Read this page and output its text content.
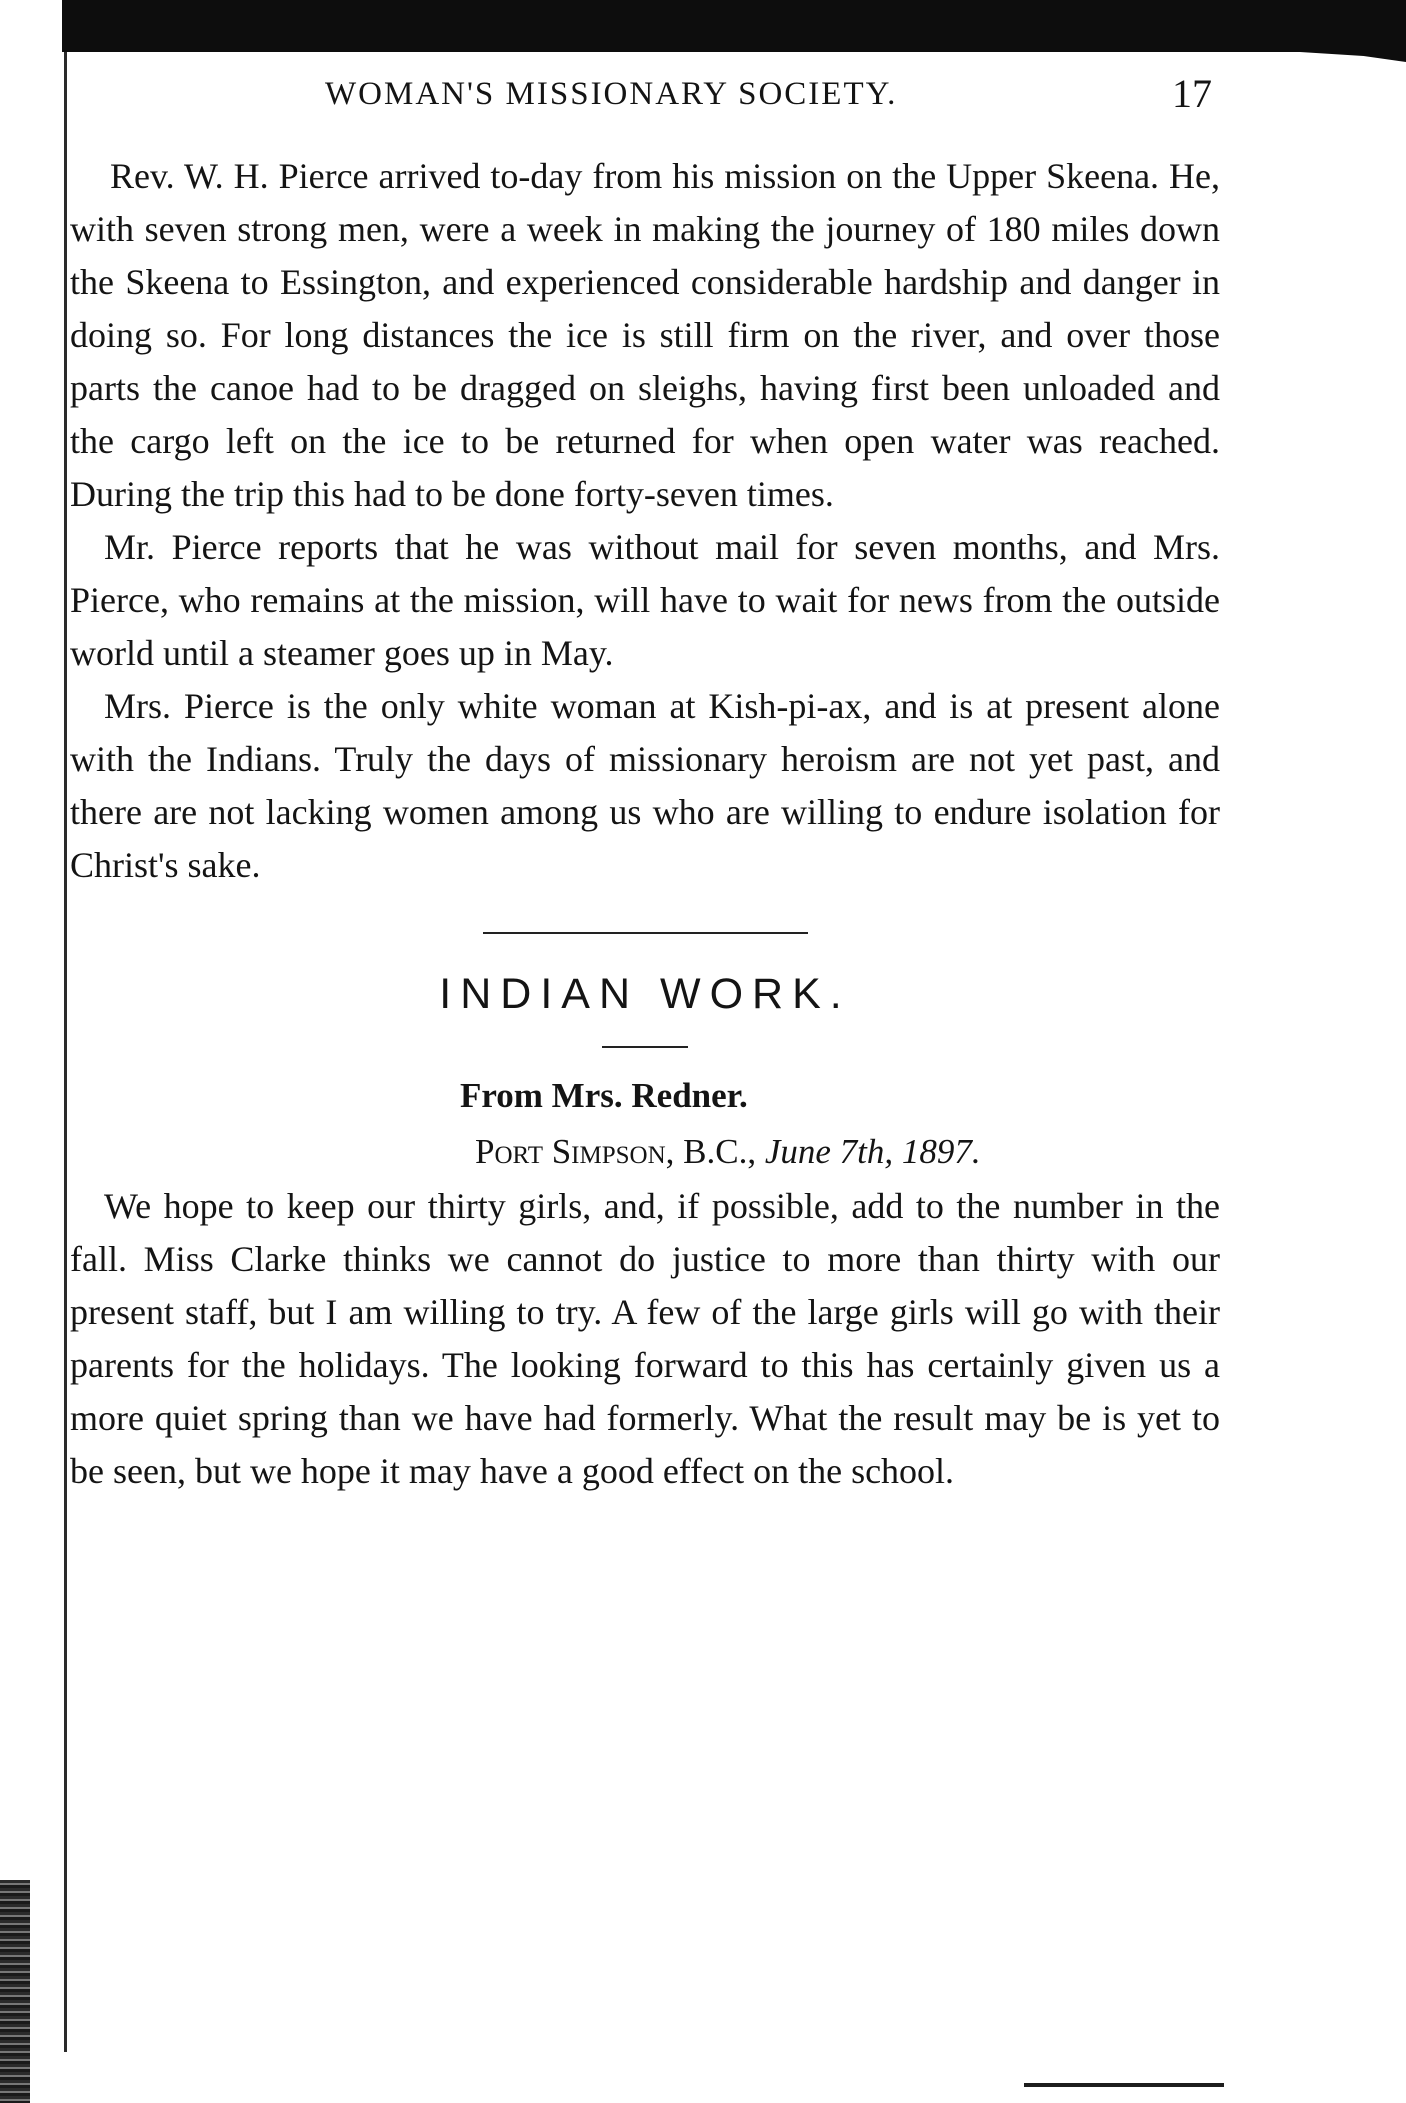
WOMAN'S MISSIONARY SOCIETY.	17

Rev. W. H. Pierce arrived to-day from his mission on the Upper Skeena. He, with seven strong men, were a week in making the journey of 180 miles down the Skeena to Essington, and experienced considerable hardship and danger in doing so. For long distances the ice is still firm on the river, and over those parts the canoe had to be dragged on sleighs, having first been unloaded and the cargo left on the ice to be returned for when open water was reached. During the trip this had to be done forty-seven times.

Mr. Pierce reports that he was without mail for seven months, and Mrs. Pierce, who remains at the mission, will have to wait for news from the outside world until a steamer goes up in May.

Mrs. Pierce is the only white woman at Kish-pi-ax, and is at present alone with the Indians. Truly the days of missionary heroism are not yet past, and there are not lacking women among us who are willing to endure isolation for Christ's sake.

INDIAN WORK.

From Mrs. Redner.

Port Simpson, B.C., June 7th, 1897.

We hope to keep our thirty girls, and, if possible, add to the number in the fall. Miss Clarke thinks we cannot do justice to more than thirty with our present staff, but I am willing to try. A few of the large girls will go with their parents for the holidays. The looking forward to this has certainly given us a more quiet spring than we have had formerly. What the result may be is yet to be seen, but we hope it may have a good effect on the school.
